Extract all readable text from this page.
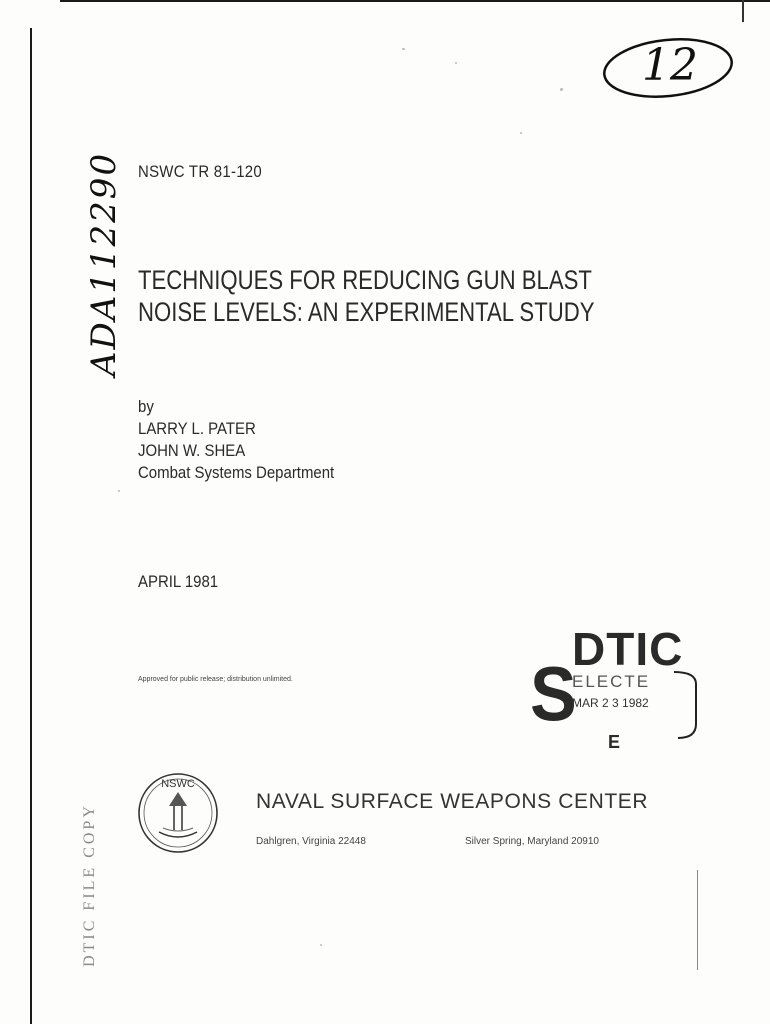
12
ADA112290 NSWC TR 81-120
TECHNIQUES FOR REDUCING GUN BLAST
NOISE LEVELS: AN EXPERIMENTAL STUDY
by
LARRY L. PATER
JOHN W. SHEA
Combat Systems Department
APRIL 1981
Approved for public release; distribution unlimited.
DTIC
S
ELECTE
MAR 2 3 1982
E
NSWC
NAVAL SURFACE WEAPONS CENTER
Dahlgren, Virginia 22448	Silver Spring, Maryland 20910
DTIC FILE COPY
